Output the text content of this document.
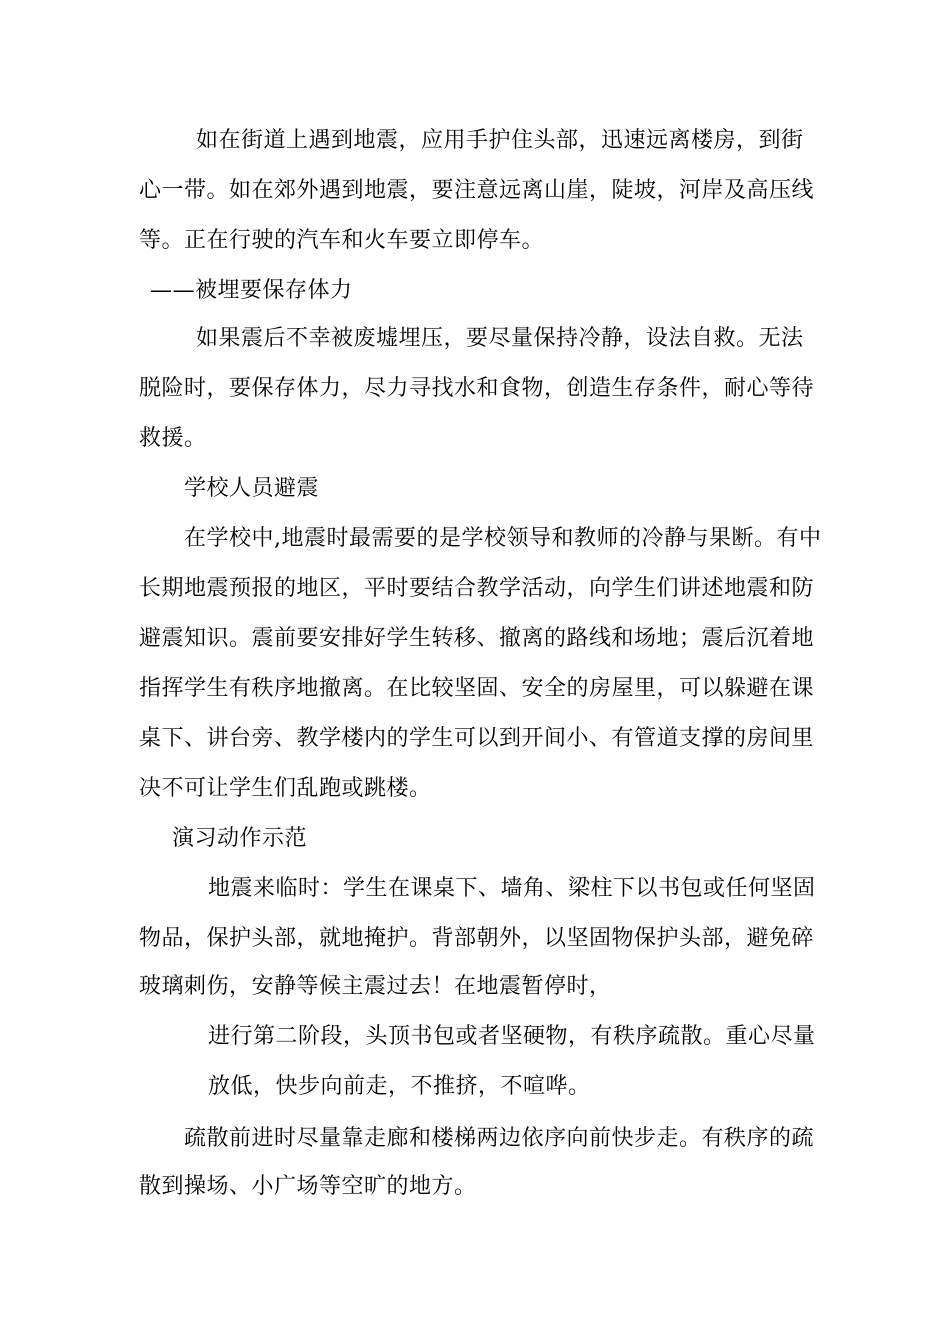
如在街道上遇到地震，应用手护住头部，迅速远离楼房，到街
心一带。如在郊外遇到地震，要注意远离山崖，陡坡，河岸及高压线
等。正在行驶的汽车和火车要立即停车。
——被埋要保存体力
如果震后不幸被废墟埋压，要尽量保持冷静，设法自救。无法
脱险时，要保存体力，尽力寻找水和食物，创造生存条件，耐心等待
救援。
学校人员避震
在学校中,地震时最需要的是学校领导和教师的冷静与果断。有中
长期地震预报的地区，平时要结合教学活动，向学生们讲述地震和防
避震知识。震前要安排好学生转移、撤离的路线和场地；震后沉着地
指挥学生有秩序地撤离。在比较坚固、安全的房屋里，可以躲避在课
桌下、讲台旁、教学楼内的学生可以到开间小、有管道支撑的房间里
决不可让学生们乱跑或跳楼。
演习动作示范
地震来临时：学生在课桌下、墙角、梁柱下以书包或任何坚固
物品，保护头部，就地掩护。背部朝外，以坚固物保护头部，避免碎
玻璃刺伤，安静等候主震过去！在地震暂停时，
进行第二阶段，头顶书包或者坚硬物，有秩序疏散。重心尽量
放低，快步向前走，不推挤，不喧哗。
疏散前进时尽量靠走廊和楼梯两边依序向前快步走。有秩序的疏
散到操场、小广场等空旷的地方。
